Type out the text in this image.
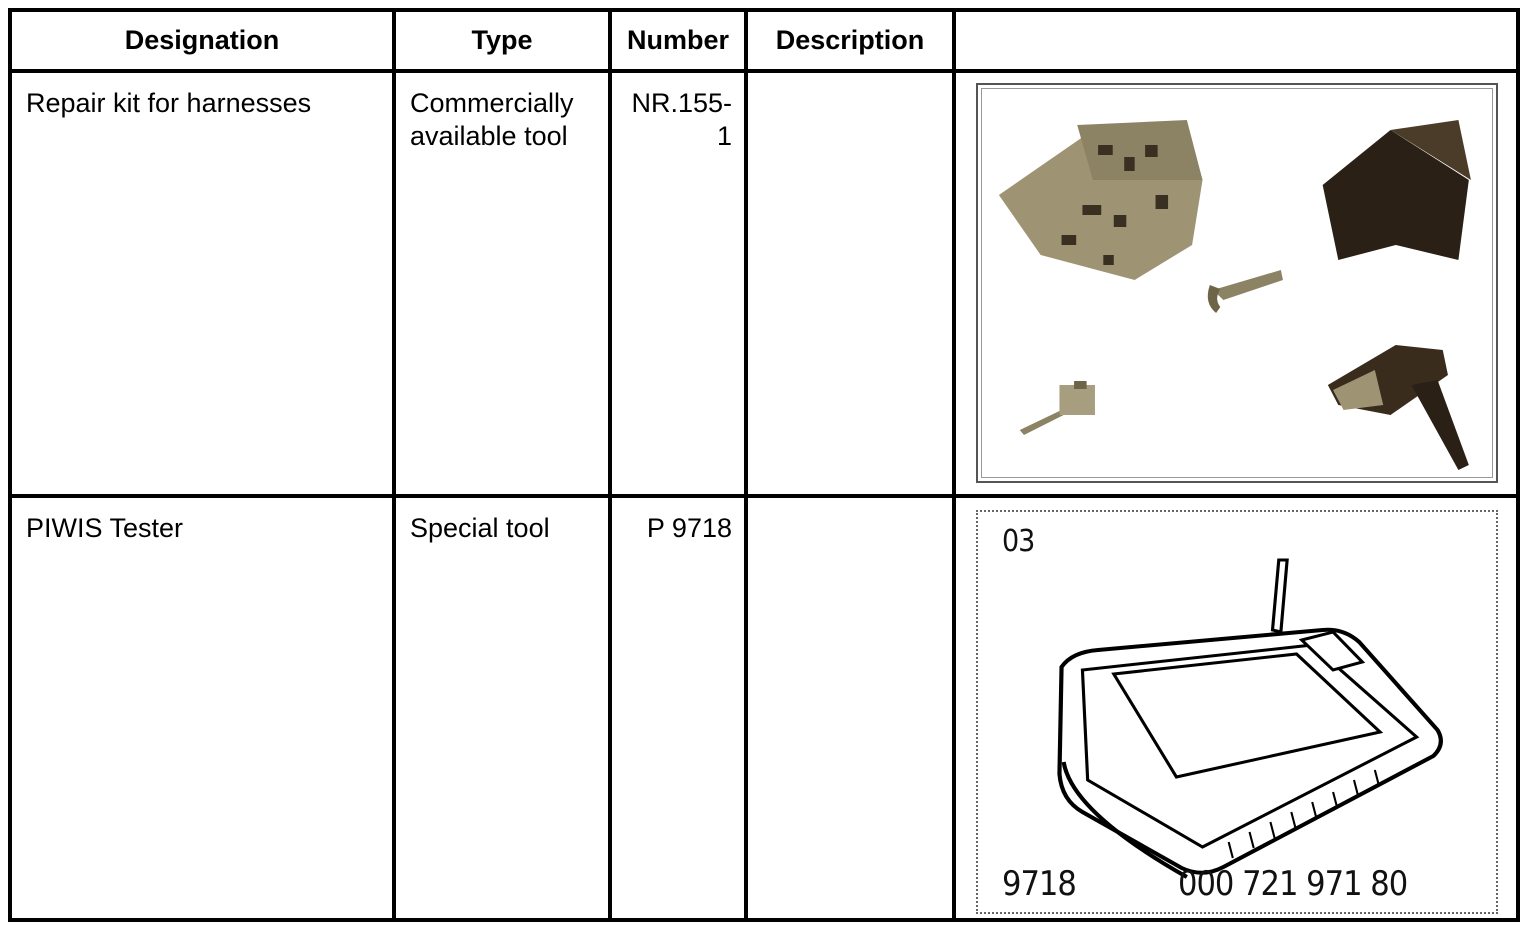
Designation	Type	Number	Description	

Repair kit for harnesses	Commercially available tool	NR.155-1

PIWIS Tester	Special tool	P 9718		03
9718 000 721 971 80
